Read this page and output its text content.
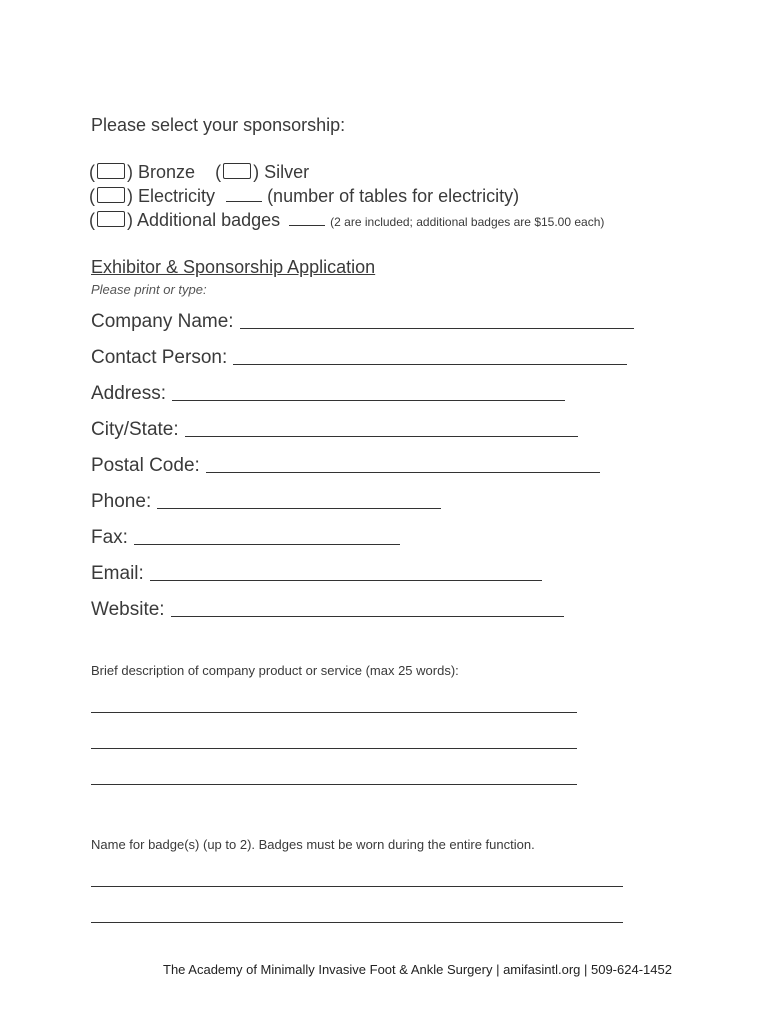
Please select your sponsorship:
( ) Bronze ( ) Silver
( ) Electricity	(number of tables for electricity)
( ) Additional badges	(2 are included; additional badges are $15.00 each)
Exhibitor & Sponsorship Application
Please print or type:
Company Name:
Contact Person:
Address:
City/State:
Postal Code:
Phone:
Fax:
Email:
Website:
Brief description of company product or service (max 25 words):
Name for badge(s) (up to 2). Badges must be worn during the entire function.
The Academy of Minimally Invasive Foot & Ankle Surgery | amifasintl.org | 509-624-1452
